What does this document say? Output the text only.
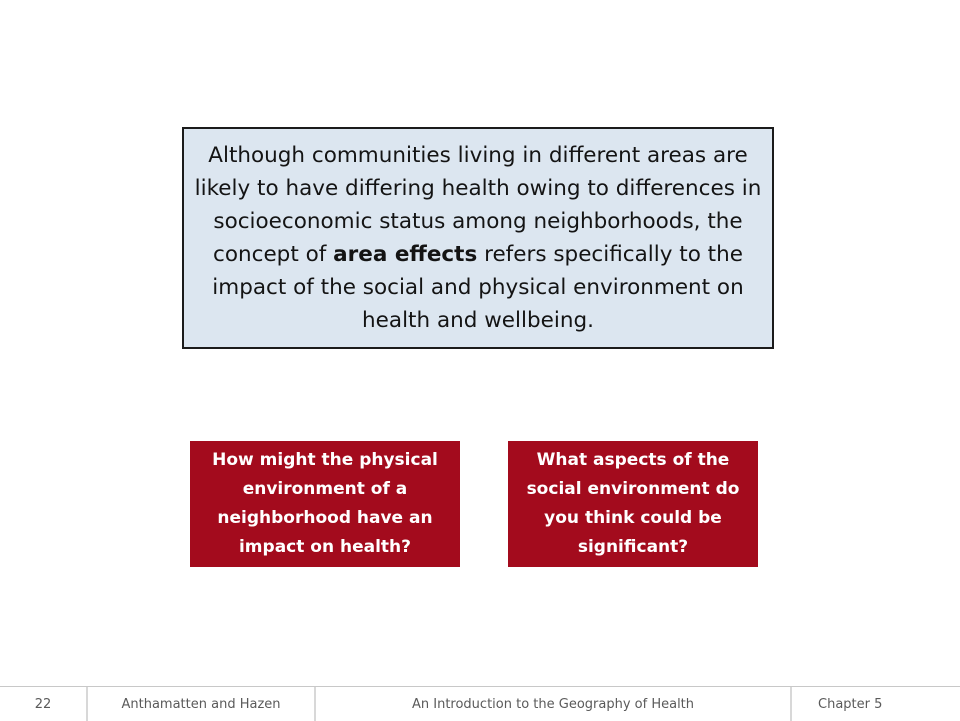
Although communities living in different areas are likely to have differing health owing to differences in socioeconomic status among neighborhoods, the concept of area effects refers specifically to the impact of the social and physical environment on health and wellbeing.

How might the physical environment of a neighborhood have an impact on health?
What aspects of the social environment do you think could be significant?
22	Anthamatten and Hazen	An Introduction to the Geography of Health	Chapter 5
